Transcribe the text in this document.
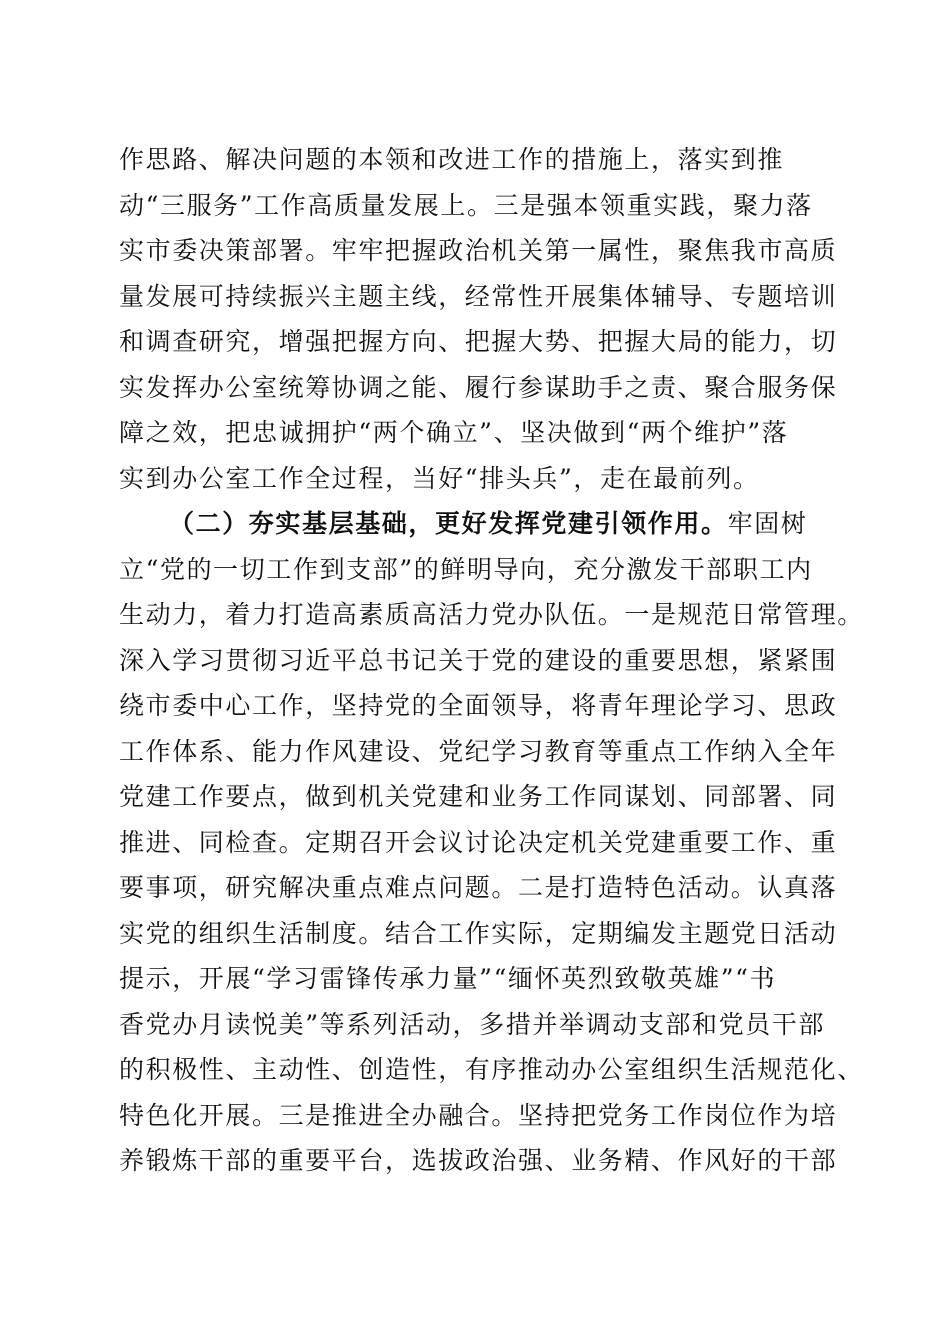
作思路、解决问题的本领和改进工作的措施上，落实到推
动“三服务”工作高质量发展上。三是强本领重实践，聚力落
实市委决策部署。牢牢把握政治机关第一属性，聚焦我市高质
量发展可持续振兴主题主线，经常性开展集体辅导、专题培训
和调查研究，增强把握方向、把握大势、把握大局的能力，切
实发挥办公室统筹协调之能、履行参谋助手之责、聚合服务保
障之效，把忠诚拥护“两个确立”、坚决做到“两个维护”落
实到办公室工作全过程，当好“排头兵”，走在最前列。
（二）夯实基层基础，更好发挥党建引领作用。牢固树
立“党的一切工作到支部”的鲜明导向，充分激发干部职工内
生动力，着力打造高素质高活力党办队伍。一是规范日常管理。
深入学习贯彻习近平总书记关于党的建设的重要思想，紧紧围
绕市委中心工作，坚持党的全面领导，将青年理论学习、思政
工作体系、能力作风建设、党纪学习教育等重点工作纳入全年
党建工作要点，做到机关党建和业务工作同谋划、同部署、同
推进、同检查。定期召开会议讨论决定机关党建重要工作、重
要事项，研究解决重点难点问题。二是打造特色活动。认真落
实党的组织生活制度。结合工作实际，定期编发主题党日活动
提示，开展“学习雷锋传承力量”“缅怀英烈致敬英雄”“书
香党办月读悦美”等系列活动，多措并举调动支部和党员干部
的积极性、主动性、创造性，有序推动办公室组织生活规范化、
特色化开展。三是推进全办融合。坚持把党务工作岗位作为培
养锻炼干部的重要平台，选拔政治强、业务精、作风好的干部
